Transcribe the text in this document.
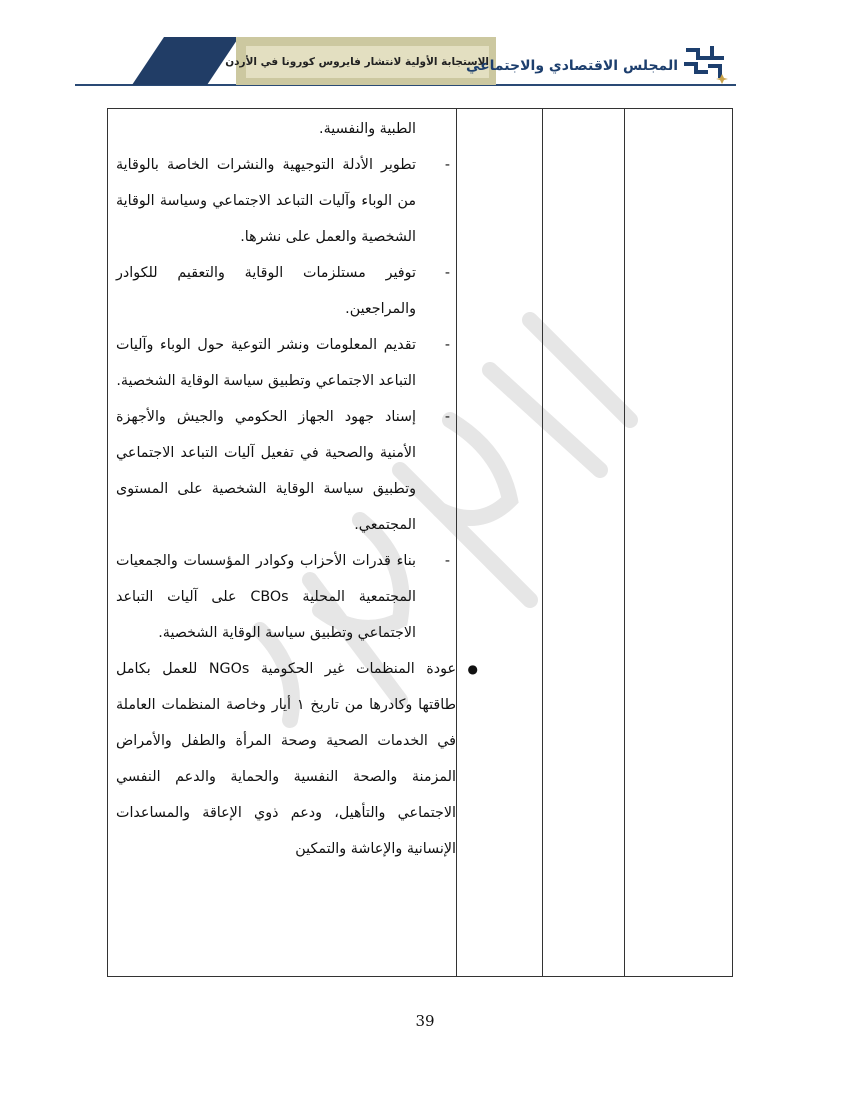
الاستجابة الأولية لانتشار فايروس كورونا في الأردن
المجلس الاقتصادي والاجتماعي
الطبية والنفسية.
-
تطوير الأدلة التوجيهية والنشرات الخاصة بالوقاية من الوباء وآليات التباعد الاجتماعي وسياسة الوقاية الشخصية والعمل على نشرها.
-
توفير مستلزمات الوقاية والتعقيم للكوادر والمراجعين.
-
تقديم المعلومات ونشر التوعية حول الوباء وآليات التباعد الاجتماعي وتطبيق سياسة الوقاية الشخصية.
-
إسناد جهود الجهاز الحكومي والجيش والأجهزة الأمنية والصحية في تفعيل آليات التباعد الاجتماعي وتطبيق سياسة الوقاية الشخصية على المستوى المجتمعي.
-
بناء قدرات الأحزاب وكوادر المؤسسات والجمعيات المجتمعية المحلية CBOs على آليات التباعد الاجتماعي وتطبيق سياسة الوقاية الشخصية.
●
عودة المنظمات غير الحكومية NGOs للعمل بكامل طاقتها وكادرها من تاريخ ١ أيار وخاصة المنظمات العاملة في الخدمات الصحية وصحة المرأة والطفل والأمراض المزمنة والصحة النفسية والحماية والدعم النفسي الاجتماعي والتأهيل، ودعم ذوي الإعاقة والمساعدات الإنسانية والإعاشة والتمكين
39
